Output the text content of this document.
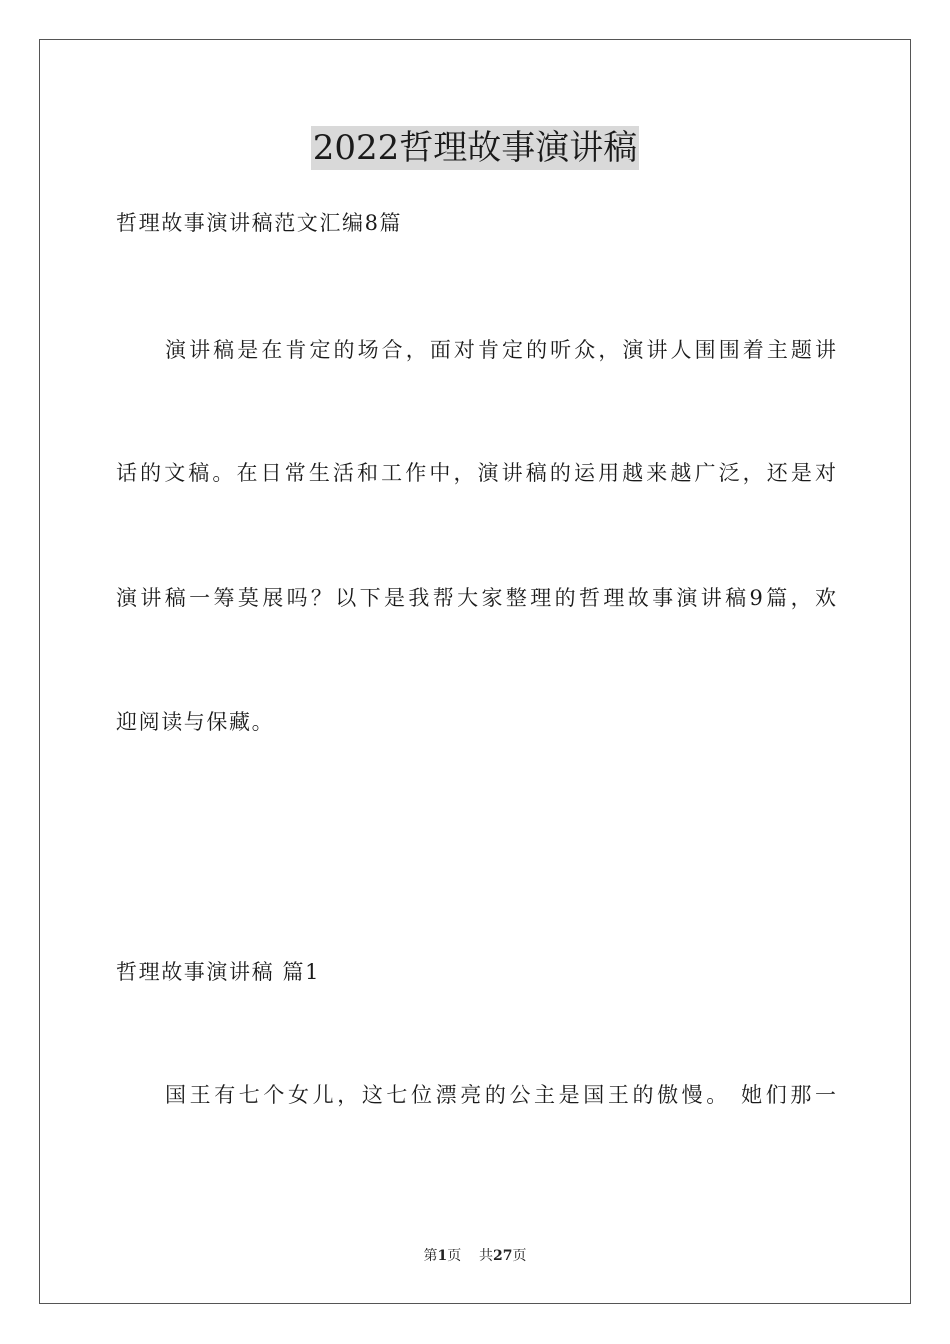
2022哲理故事演讲稿
哲理故事演讲稿范文汇编8篇
演讲稿是在肯定的场合，面对肯定的听众，演讲人围围着主题讲
话的文稿。在日常生活和工作中，演讲稿的运用越来越广泛，还是对
演讲稿一筹莫展吗？以下是我帮大家整理的哲理故事演讲稿9篇，欢
迎阅读与保藏。
哲理故事演讲稿 篇1
国王有七个女儿，这七位漂亮的公主是国王的傲慢。 她们那一
第1页 共27页
